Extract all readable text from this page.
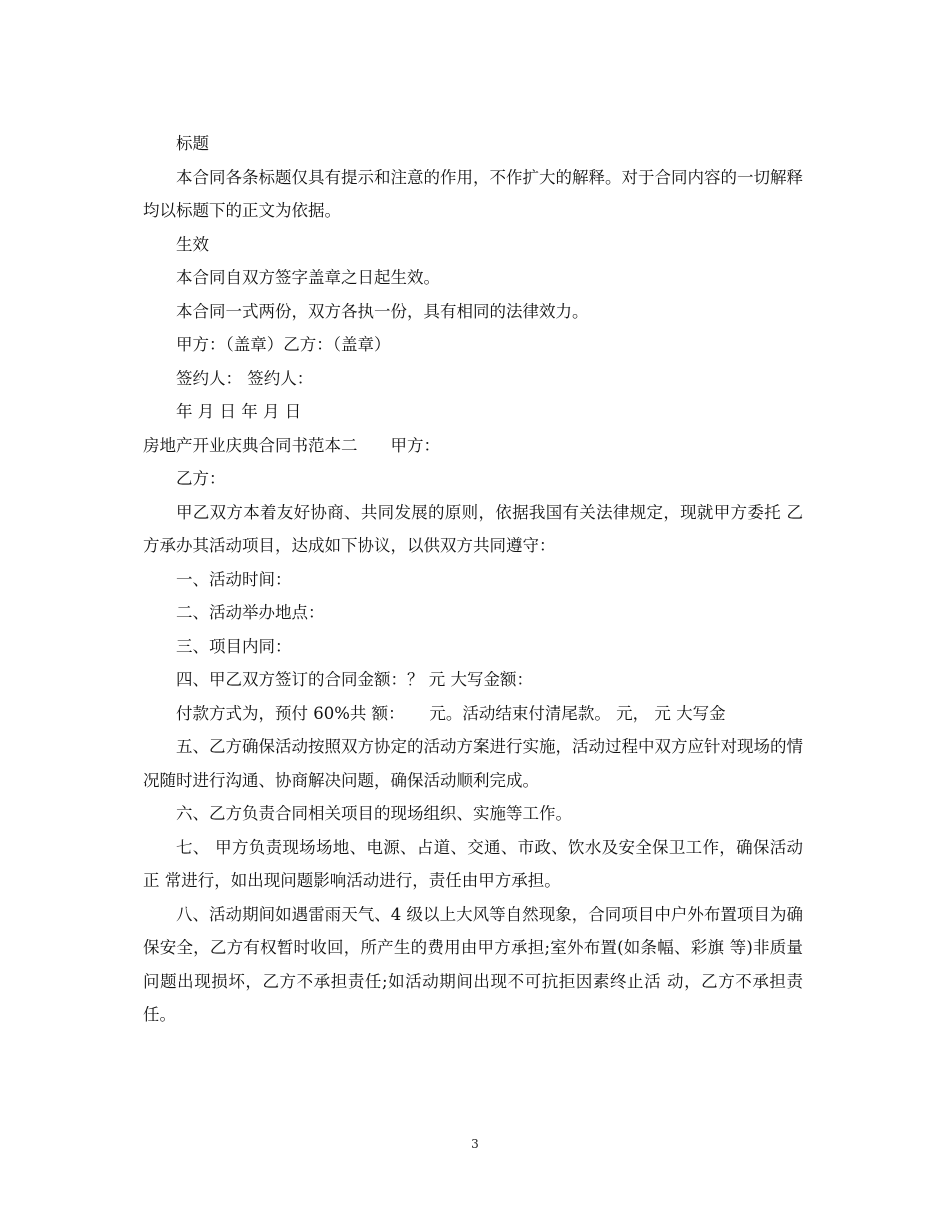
标题

本合同各条标题仅具有提示和注意的作用，不作扩大的解释。对于合同内容的一切解释均以标题下的正文为依据。

生效

本合同自双方签字盖章之日起生效。

本合同一式两份，双方各执一份，具有相同的法律效力。

甲方：（盖章）乙方：（盖章）

签约人： 签约人：

年 月 日 年 月 日

房地产开业庆典合同书范本二　　甲方：

乙方：

甲乙双方本着友好协商、共同发展的原则，依据我国有关法律规定，现就甲方委托 乙方承办其活动项目，达成如下协议，以供双方共同遵守：

一、活动时间：

二、活动举办地点：

三、项目内同：

四、甲乙双方签订的合同金额：？ 元 大写金额：

付款方式为，预付 60%共 额：　　元。活动结束付清尾款。 元， 元 大写金

五、乙方确保活动按照双方协定的活动方案进行实施，活动过程中双方应针对现场的情 况随时进行沟通、协商解决问题，确保活动顺利完成。

六、乙方负责合同相关项目的现场组织、实施等工作。

七、 甲方负责现场场地、电源、占道、交通、市政、饮水及安全保卫工作，确保活动正 常进行，如出现问题影响活动进行，责任由甲方承担。

八、活动期间如遇雷雨天气、4 级以上大风等自然现象，合同项目中户外布置项目为确 保安全，乙方有权暂时收回，所产生的费用由甲方承担;室外布置(如条幅、彩旗 等)非质量问题出现损坏，乙方不承担责任;如活动期间出现不可抗拒因素终止活 动，乙方不承担责任。

3
